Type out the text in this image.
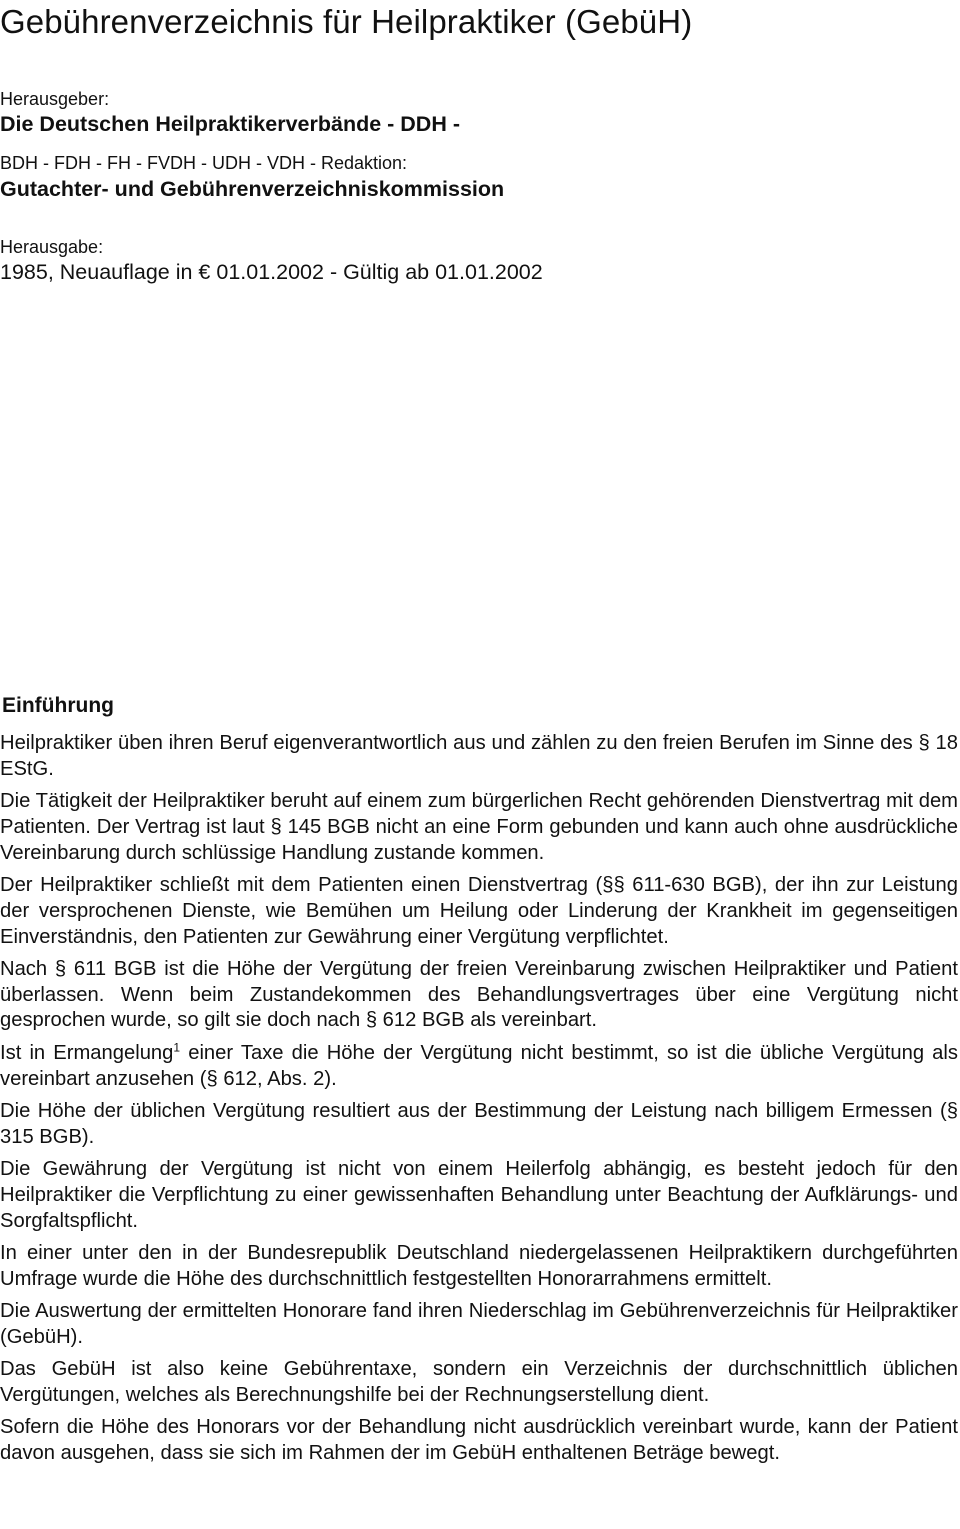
Gebührenverzeichnis für Heilpraktiker (GebüH)

Herausgeber:

Die Deutschen Heilpraktikerverbände - DDH -

BDH - FDH - FH - FVDH - UDH - VDH - Redaktion:

Gutachter- und Gebührenverzeichniskommission

Herausgabe:

1985, Neuauflage in € 01.01.2002 - Gültig ab 01.01.2002

Einführung

Heilpraktiker üben ihren Beruf eigenverantwortlich aus und zählen zu den freien Berufen im Sinne des § 18 EStG.

Die Tätigkeit der Heilpraktiker beruht auf einem zum bürgerlichen Recht gehörenden Dienstvertrag mit dem Patienten. Der Vertrag ist laut § 145 BGB nicht an eine Form gebunden und kann auch ohne ausdrückliche Vereinbarung durch schlüssige Handlung zustande kommen.

Der Heilpraktiker schließt mit dem Patienten einen Dienstvertrag (§§ 611-630 BGB), der ihn zur Leistung der versprochenen Dienste, wie Bemühen um Heilung oder Linderung der Krankheit im gegenseitigen Einverständnis, den Patienten zur Gewährung einer Vergütung verpflichtet.

Nach § 611 BGB ist die Höhe der Vergütung der freien Vereinbarung zwischen Heilpraktiker und Patient überlassen. Wenn beim Zustandekommen des Behandlungsvertrages über eine Vergütung nicht gesprochen wurde, so gilt sie doch nach § 612 BGB als vereinbart.

Ist in Ermangelung$^1$ einer Taxe die Höhe der Vergütung nicht bestimmt, so ist die übliche Vergütung als vereinbart anzusehen (§ 612, Abs. 2).

Die Höhe der üblichen Vergütung resultiert aus der Bestimmung der Leistung nach billigem Ermessen (§ 315 BGB).

Die Gewährung der Vergütung ist nicht von einem Heilerfolg abhängig, es besteht jedoch für den Heilpraktiker die Verpflichtung zu einer gewissenhaften Behandlung unter Beachtung der Aufklärungs- und Sorgfaltspflicht.

In einer unter den in der Bundesrepublik Deutschland niedergelassenen Heilpraktikern durchgeführten Umfrage wurde die Höhe des durchschnittlich festgestellten Honorarrahmens ermittelt.

Die Auswertung der ermittelten Honorare fand ihren Niederschlag im Gebührenverzeichnis für Heilpraktiker (GebüH).

Das GebüH ist also keine Gebührentaxe, sondern ein Verzeichnis der durchschnittlich üblichen Vergütungen, welches als Berechnungshilfe bei der Rechnungserstellung dient.

Sofern die Höhe des Honorars vor der Behandlung nicht ausdrücklich vereinbart wurde, kann der Patient davon ausgehen, dass sie sich im Rahmen der im GebüH enthaltenen Beträge bewegt.
